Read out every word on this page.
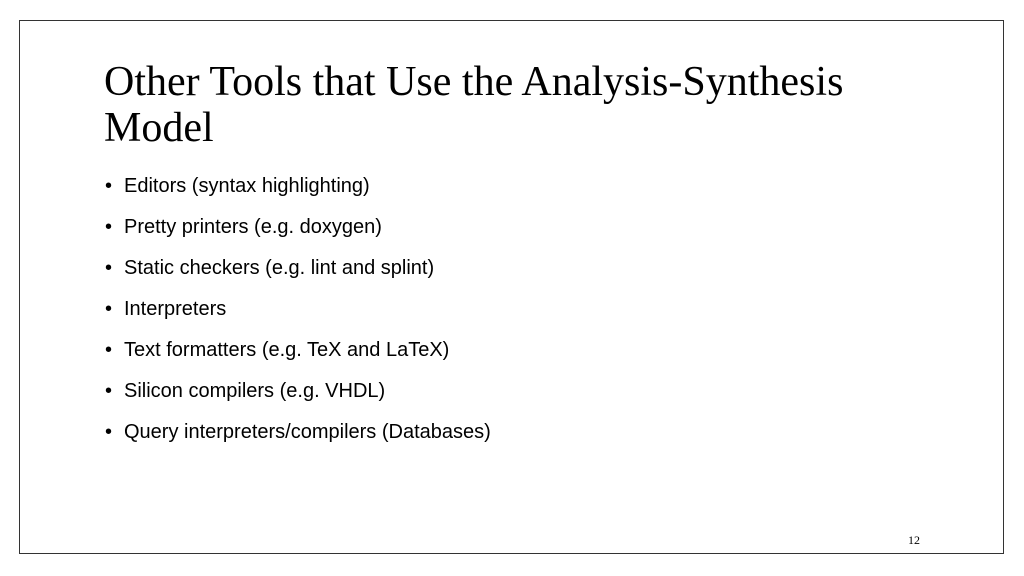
Other Tools that Use the Analysis-Synthesis Model
• Editors (syntax highlighting)
• Pretty printers (e.g. doxygen)
• Static checkers (e.g. lint and splint)
• Interpreters
• Text formatters (e.g. TeX and LaTeX)
• Silicon compilers (e.g. VHDL)
• Query interpreters/compilers (Databases)
12
